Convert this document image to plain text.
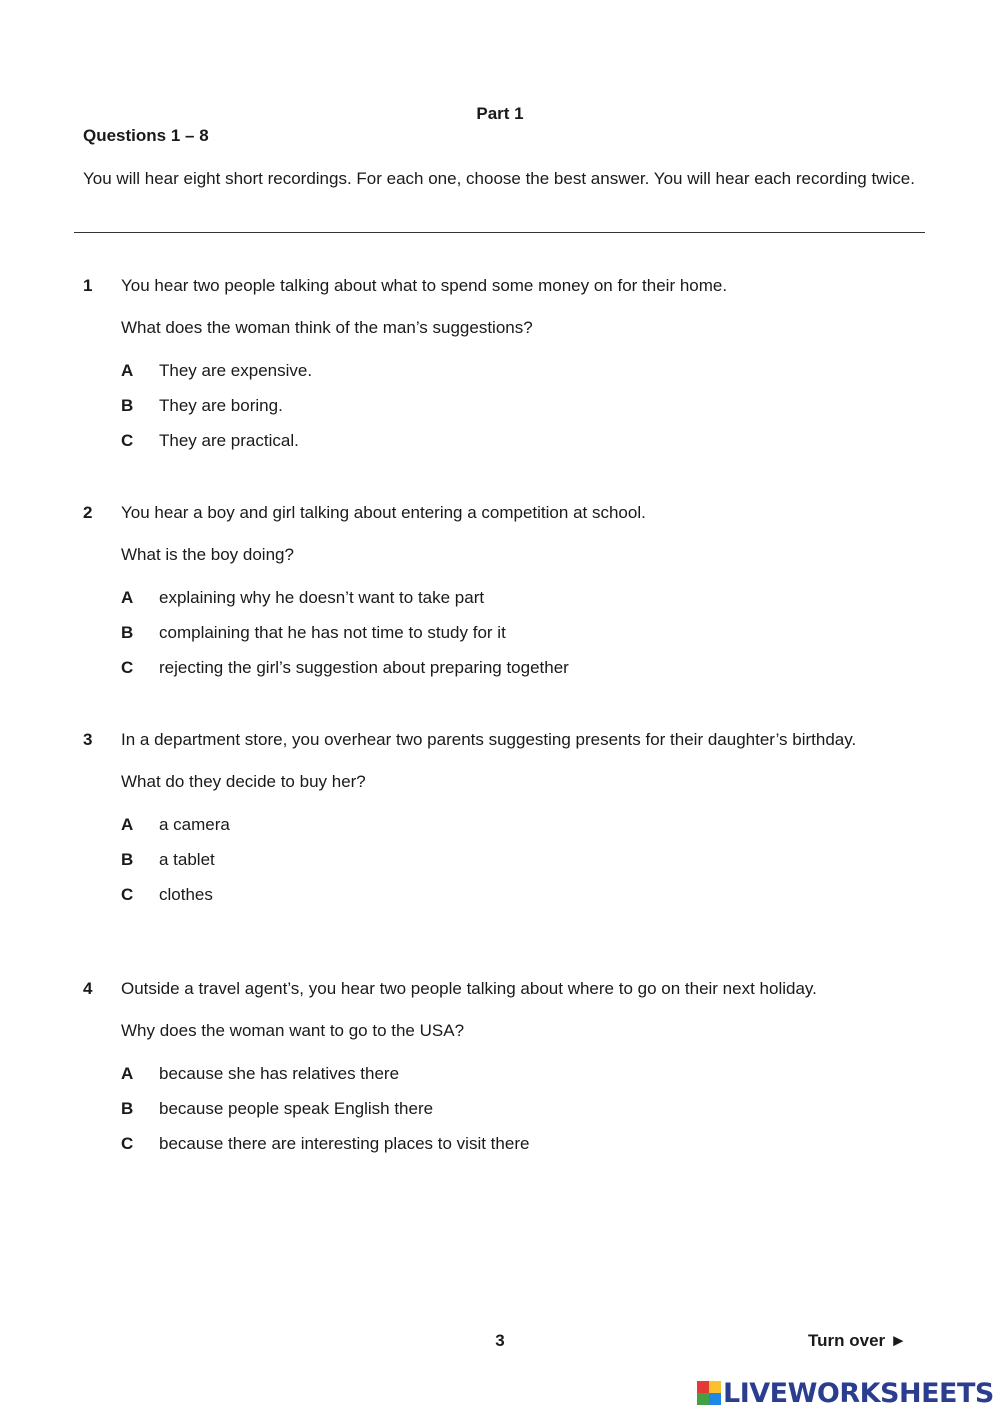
Part 1
Questions 1 – 8
You will hear eight short recordings. For each one, choose the best answer. You will hear each recording twice.
1 You hear two people talking about what to spend some money on for their home.
What does the woman think of the man’s suggestions?
A They are expensive.
B They are boring.
C They are practical.
2 You hear a boy and girl talking about entering a competition at school.
What is the boy doing?
A explaining why he doesn’t want to take part
B complaining that he has not time to study for it
C rejecting the girl’s suggestion about preparing together
3 In a department store, you overhear two parents suggesting presents for their daughter’s birthday.
What do they decide to buy her?
A a camera
B a tablet
C clothes
4 Outside a travel agent’s, you hear two people talking about where to go on their next holiday.
Why does the woman want to go to the USA?
A because she has relatives there
B because people speak English there
C because there are interesting places to visit there
3	Turn over ►
LIVEWORKSHEETS
